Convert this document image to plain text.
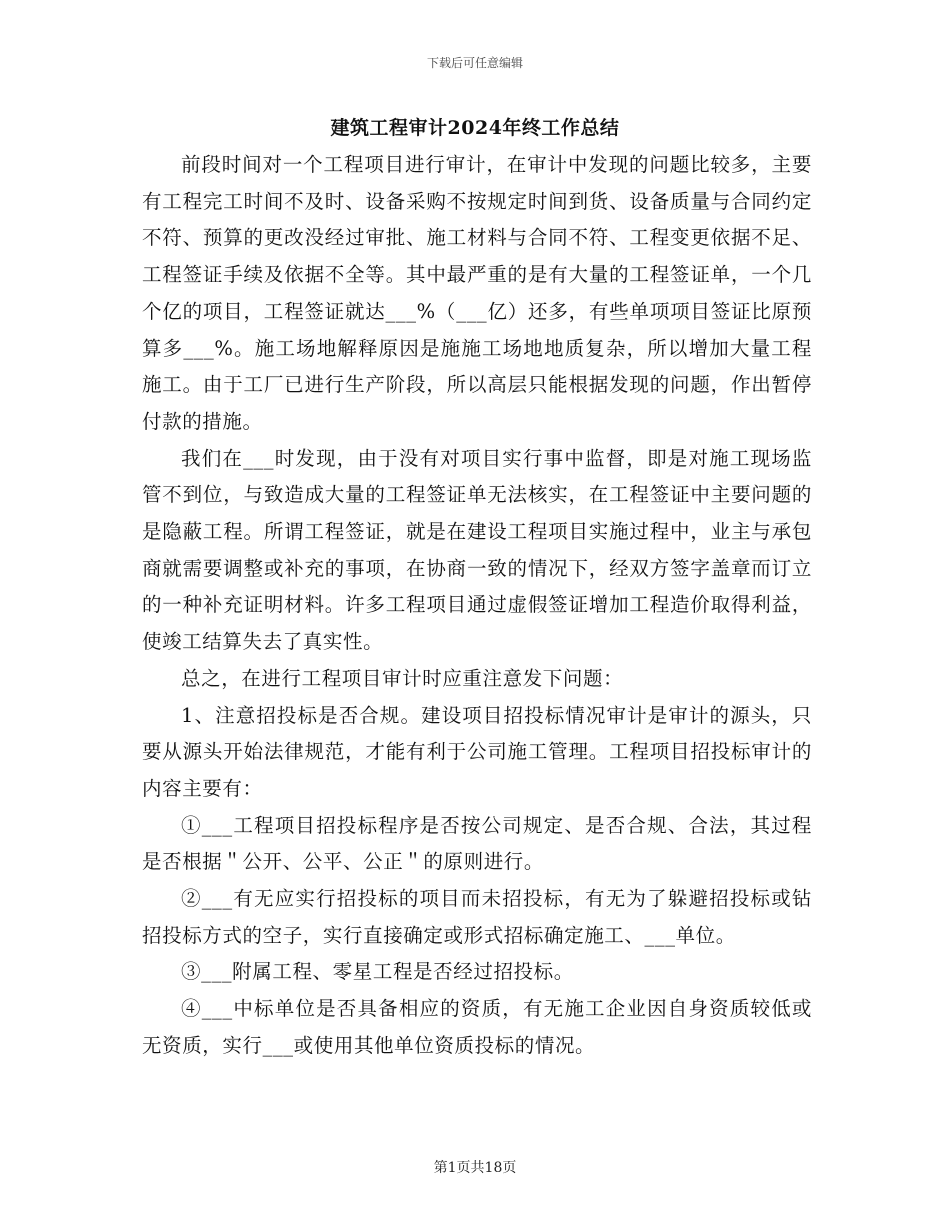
下载后可任意编辑
建筑工程审计2024年终工作总结

前段时间对一个工程项目进行审计，在审计中发现的问题比较多，主要有工程完工时间不及时、设备采购不按规定时间到货、设备质量与合同约定不符、预算的更改没经过审批、施工材料与合同不符、工程变更依据不足、工程签证手续及依据不全等。其中最严重的是有大量的工程签证单，一个几个亿的项目，工程签证就达___%（___亿）还多，有些单项项目签证比原预算多___%。施工场地解释原因是施施工场地地质复杂，所以增加大量工程施工。由于工厂已进行生产阶段，所以高层只能根据发现的问题，作出暂停付款的措施。

我们在___时发现，由于没有对项目实行事中监督，即是对施工现场监管不到位，与致造成大量的工程签证单无法核实，在工程签证中主要问题的是隐蔽工程。所谓工程签证，就是在建设工程项目实施过程中，业主与承包商就需要调整或补充的事项，在协商一致的情况下，经双方签字盖章而订立的一种补充证明材料。许多工程项目通过虚假签证增加工程造价取得利益，使竣工结算失去了真实性。

总之，在进行工程项目审计时应重注意发下问题：

1、注意招投标是否合规。建设项目招投标情况审计是审计的源头，只要从源头开始法律规范，才能有利于公司施工管理。工程项目招投标审计的内容主要有：

①___工程项目招投标程序是否按公司规定、是否合规、合法，其过程是否根据＂公开、公平、公正＂的原则进行。

②___有无应实行招投标的项目而未招投标，有无为了躲避招投标或钻招投标方式的空子，实行直接确定或形式招标确定施工、___单位。

③___附属工程、零星工程是否经过招投标。

④___中标单位是否具备相应的资质，有无施工企业因自身资质较低或无资质，实行___或使用其他单位资质投标的情况。

第1页共18页
